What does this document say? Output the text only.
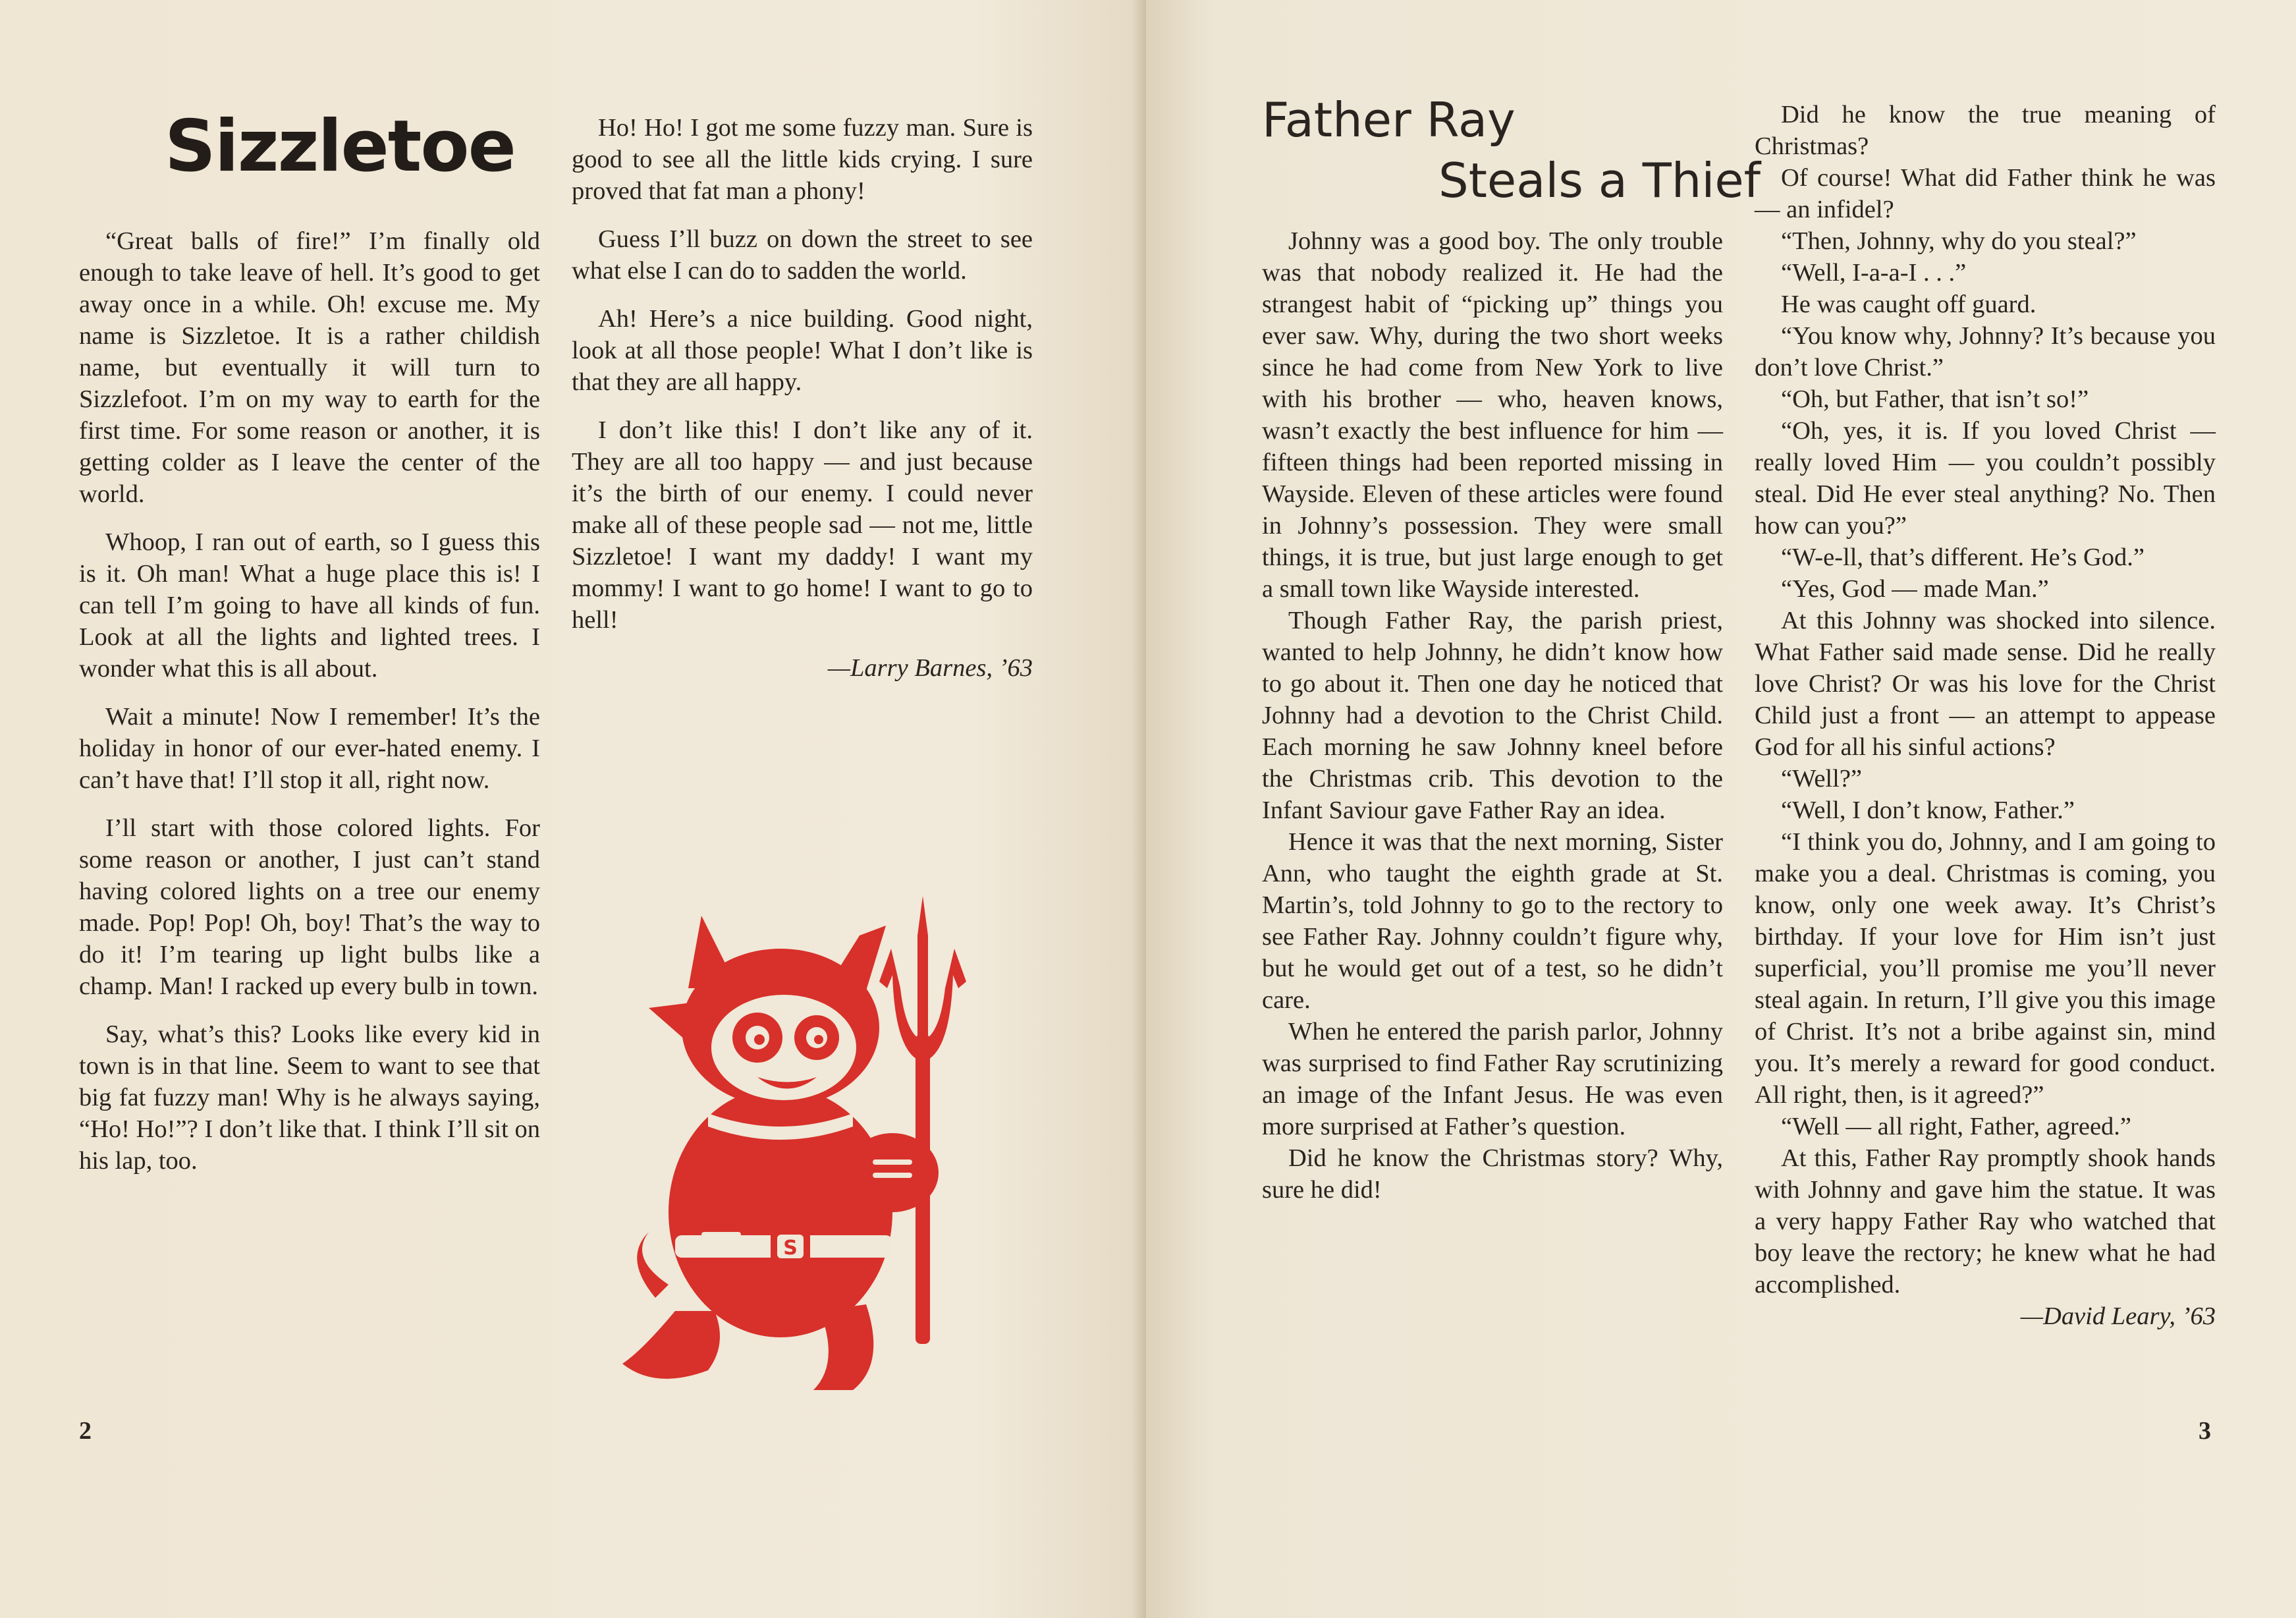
Sizzletoe

“Great balls of fire!” I’m finally old enough to take leave of hell. It’s good to get away once in a while. Oh! excuse me. My name is Sizzletoe. It is a rather childish name, but eventually it will turn to Sizzlefoot. I’m on my way to earth for the first time. For some reason or another, it is getting colder as I leave the center of the world.

Whoop, I ran out of earth, so I guess this is it. Oh man! What a huge place this is! I can tell I’m going to have all kinds of fun. Look at all the lights and lighted trees. I wonder what this is all about.

Wait a minute! Now I remember! It’s the holiday in honor of our ever-hated enemy. I can’t have that! I’ll stop it all, right now.

I’ll start with those colored lights. For some reason or another, I just can’t stand having colored lights on a tree our enemy made. Pop! Pop! Oh, boy! That’s the way to do it! I’m tearing up light bulbs like a champ. Man! I racked up every bulb in town.

Say, what’s this? Looks like every kid in town is in that line. Seem to want to see that big fat fuzzy man! Why is he always saying, “Ho! Ho!”? I don’t like that. I think I’ll sit on his lap, too.

Ho! Ho! I got me some fuzzy man. Sure is good to see all the little kids crying. I sure proved that fat man a phony!

Guess I’ll buzz on down the street to see what else I can do to sadden the world.

Ah! Here’s a nice building. Good night, look at all those people! What I don’t like is that they are all happy.

I don’t like this! I don’t like any of it. They are all too happy — and just because it’s the birth of our enemy. I could never make all of these people sad — not me, little Sizzletoe! I want my daddy! I want my mommy! I want to go home! I want to go to hell!

—Larry Barnes, ’63
S
2
Father Ray
Steals a Thief

Johnny was a good boy. The only trouble was that nobody realized it. He had the strangest habit of “picking up” things you ever saw. Why, during the two short weeks since he had come from New York to live with his brother — who, heaven knows, wasn’t exactly the best influence for him — fifteen things had been reported missing in Wayside. Eleven of these articles were found in Johnny’s possession. They were small things, it is true, but just large enough to get a small town like Wayside interested.

Though Father Ray, the parish priest, wanted to help Johnny, he didn’t know how to go about it. Then one day he noticed that Johnny had a devotion to the Christ Child. Each morning he saw Johnny kneel before the Christmas crib. This devotion to the Infant Saviour gave Father Ray an idea.

Hence it was that the next morning, Sister Ann, who taught the eighth grade at St. Martin’s, told Johnny to go to the rectory to see Father Ray. Johnny couldn’t figure why, but he would get out of a test, so he didn’t care.

When he entered the parish parlor, Johnny was surprised to find Father Ray scrutinizing an image of the Infant Jesus. He was even more surprised at Father’s question.

Did he know the Christmas story? Why, sure he did!

Did he know the true meaning of Christmas?

Of course! What did Father think he was — an infidel?

“Then, Johnny, why do you steal?”

“Well, I-a-a-I . . .”

He was caught off guard.

“You know why, Johnny? It’s because you don’t love Christ.”

“Oh, but Father, that isn’t so!”

“Oh, yes, it is. If you loved Christ — really loved Him — you couldn’t possibly steal. Did He ever steal anything? No. Then how can you?”

“W-e-ll, that’s different. He’s God.”

“Yes, God — made Man.”

At this Johnny was shocked into silence. What Father said made sense. Did he really love Christ? Or was his love for the Christ Child just a front — an attempt to appease God for all his sinful actions?

“Well?”

“Well, I don’t know, Father.”

“I think you do, Johnny, and I am going to make you a deal. Christmas is coming, you know, only one week away. It’s Christ’s birthday. If your love for Him isn’t just superficial, you’ll promise me you’ll never steal again. In return, I’ll give you this image of Christ. It’s not a bribe against sin, mind you. It’s merely a reward for good conduct. All right, then, is it agreed?”

“Well — all right, Father, agreed.”

At this, Father Ray promptly shook hands with Johnny and gave him the statue. It was a very happy Father Ray who watched that boy leave the rectory; he knew what he had accomplished.

—David Leary, ’63
3
